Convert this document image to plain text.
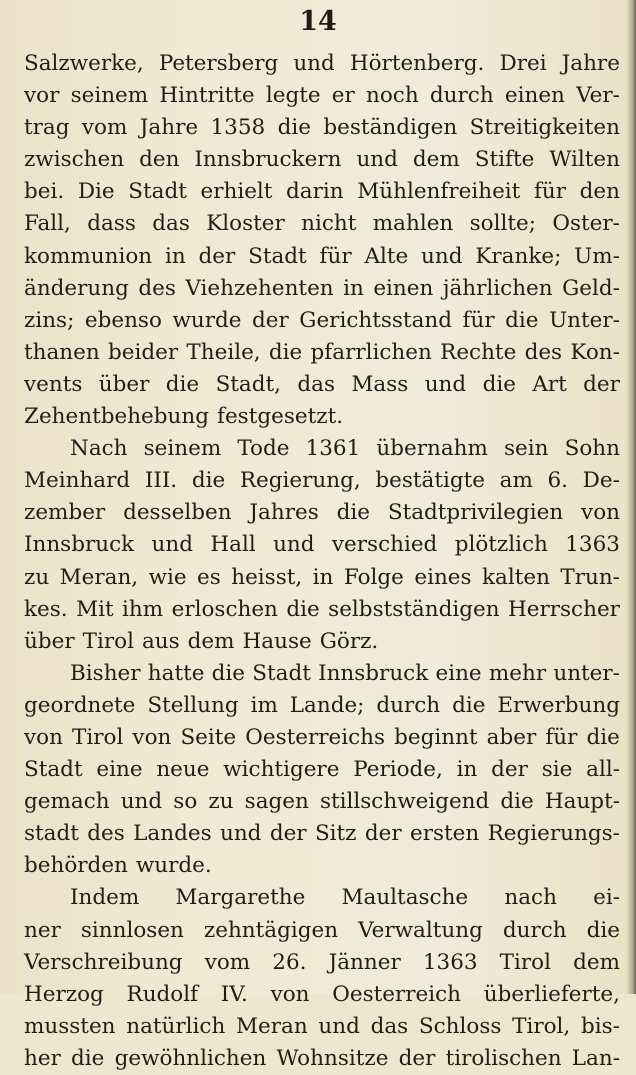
14
Salzwerke, Petersberg und Hörtenberg. Drei Jahre
vor seinem Hintritte legte er noch durch einen Ver-
trag vom Jahre 1358 die beständigen Streitigkeiten
zwischen den Innsbruckern und dem Stifte Wilten
bei. Die Stadt erhielt darin Mühlenfreiheit für den
Fall, dass das Kloster nicht mahlen sollte; Oster-
kommunion in der Stadt für Alte und Kranke; Um-
änderung des Viehzehenten in einen jährlichen Geld-
zins; ebenso wurde der Gerichtsstand für die Unter-
thanen beider Theile, die pfarrlichen Rechte des Kon-
vents über die Stadt, das Mass und die Art der
Zehentbehebung festgesetzt.
Nach seinem Tode 1361 übernahm sein Sohn
Meinhard III. die Regierung, bestätigte am 6. De-
zember desselben Jahres die Stadtprivilegien von
Innsbruck und Hall und verschied plötzlich 1363
zu Meran, wie es heisst, in Folge eines kalten Trun-
kes. Mit ihm erloschen die selbstständigen Herrscher
über Tirol aus dem Hause Görz.
Bisher hatte die Stadt Innsbruck eine mehr unter-
geordnete Stellung im Lande; durch die Erwerbung
von Tirol von Seite Oesterreichs beginnt aber für die
Stadt eine neue wichtigere Periode, in der sie all-
gemach und so zu sagen stillschweigend die Haupt-
stadt des Landes und der Sitz der ersten Regierungs-
behörden wurde.
Indem Margarethe Maultasche nach ei-
ner sinnlosen zehntägigen Verwaltung durch die
Verschreibung vom 26. Jänner 1363 Tirol dem
Herzog Rudolf IV. von Oesterreich überlieferte,
mussten natürlich Meran und das Schloss Tirol, bis-
her die gewöhnlichen Wohnsitze der tirolischen Lan-
